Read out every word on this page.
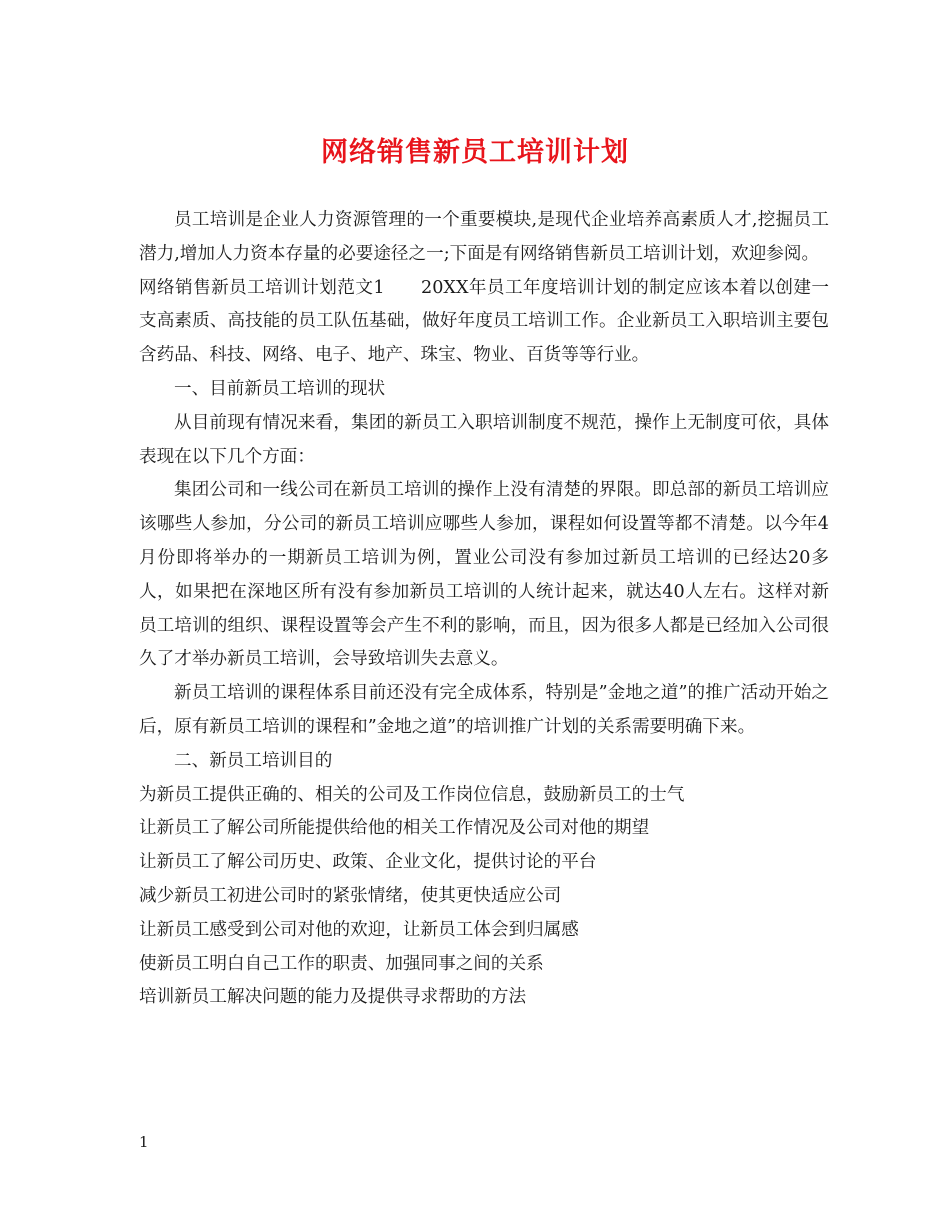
网络销售新员工培训计划

员工培训是企业人力资源管理的一个重要模块,是现代企业培养高素质人才,挖掘员工潜力,增加人力资本存量的必要途径之一;下面是有网络销售新员工培训计划，欢迎参阅。

网络销售新员工培训计划范文1　　20XX年员工年度培训计划的制定应该本着以创建一支高素质、高技能的员工队伍基础，做好年度员工培训工作。企业新员工入职培训主要包含药品、科技、网络、电子、地产、珠宝、物业、百货等等行业。

一、目前新员工培训的现状

从目前现有情况来看，集团的新员工入职培训制度不规范，操作上无制度可依，具体表现在以下几个方面：

集团公司和一线公司在新员工培训的操作上没有清楚的界限。即总部的新员工培训应该哪些人参加，分公司的新员工培训应哪些人参加，课程如何设置等都不清楚。以今年4月份即将举办的一期新员工培训为例，置业公司没有参加过新员工培训的已经达20多人，如果把在深地区所有没有参加新员工培训的人统计起来，就达40人左右。这样对新员工培训的组织、课程设置等会产生不利的影响，而且，因为很多人都是已经加入公司很久了才举办新员工培训，会导致培训失去意义。

新员工培训的课程体系目前还没有完全成体系，特别是”金地之道”的推广活动开始之后，原有新员工培训的课程和”金地之道”的培训推广计划的关系需要明确下来。

二、新员工培训目的

为新员工提供正确的、相关的公司及工作岗位信息，鼓励新员工的士气

让新员工了解公司所能提供给他的相关工作情况及公司对他的期望

让新员工了解公司历史、政策、企业文化，提供讨论的平台

减少新员工初进公司时的紧张情绪，使其更快适应公司

让新员工感受到公司对他的欢迎，让新员工体会到归属感

使新员工明白自己工作的职责、加强同事之间的关系

培训新员工解决问题的能力及提供寻求帮助的方法

1
